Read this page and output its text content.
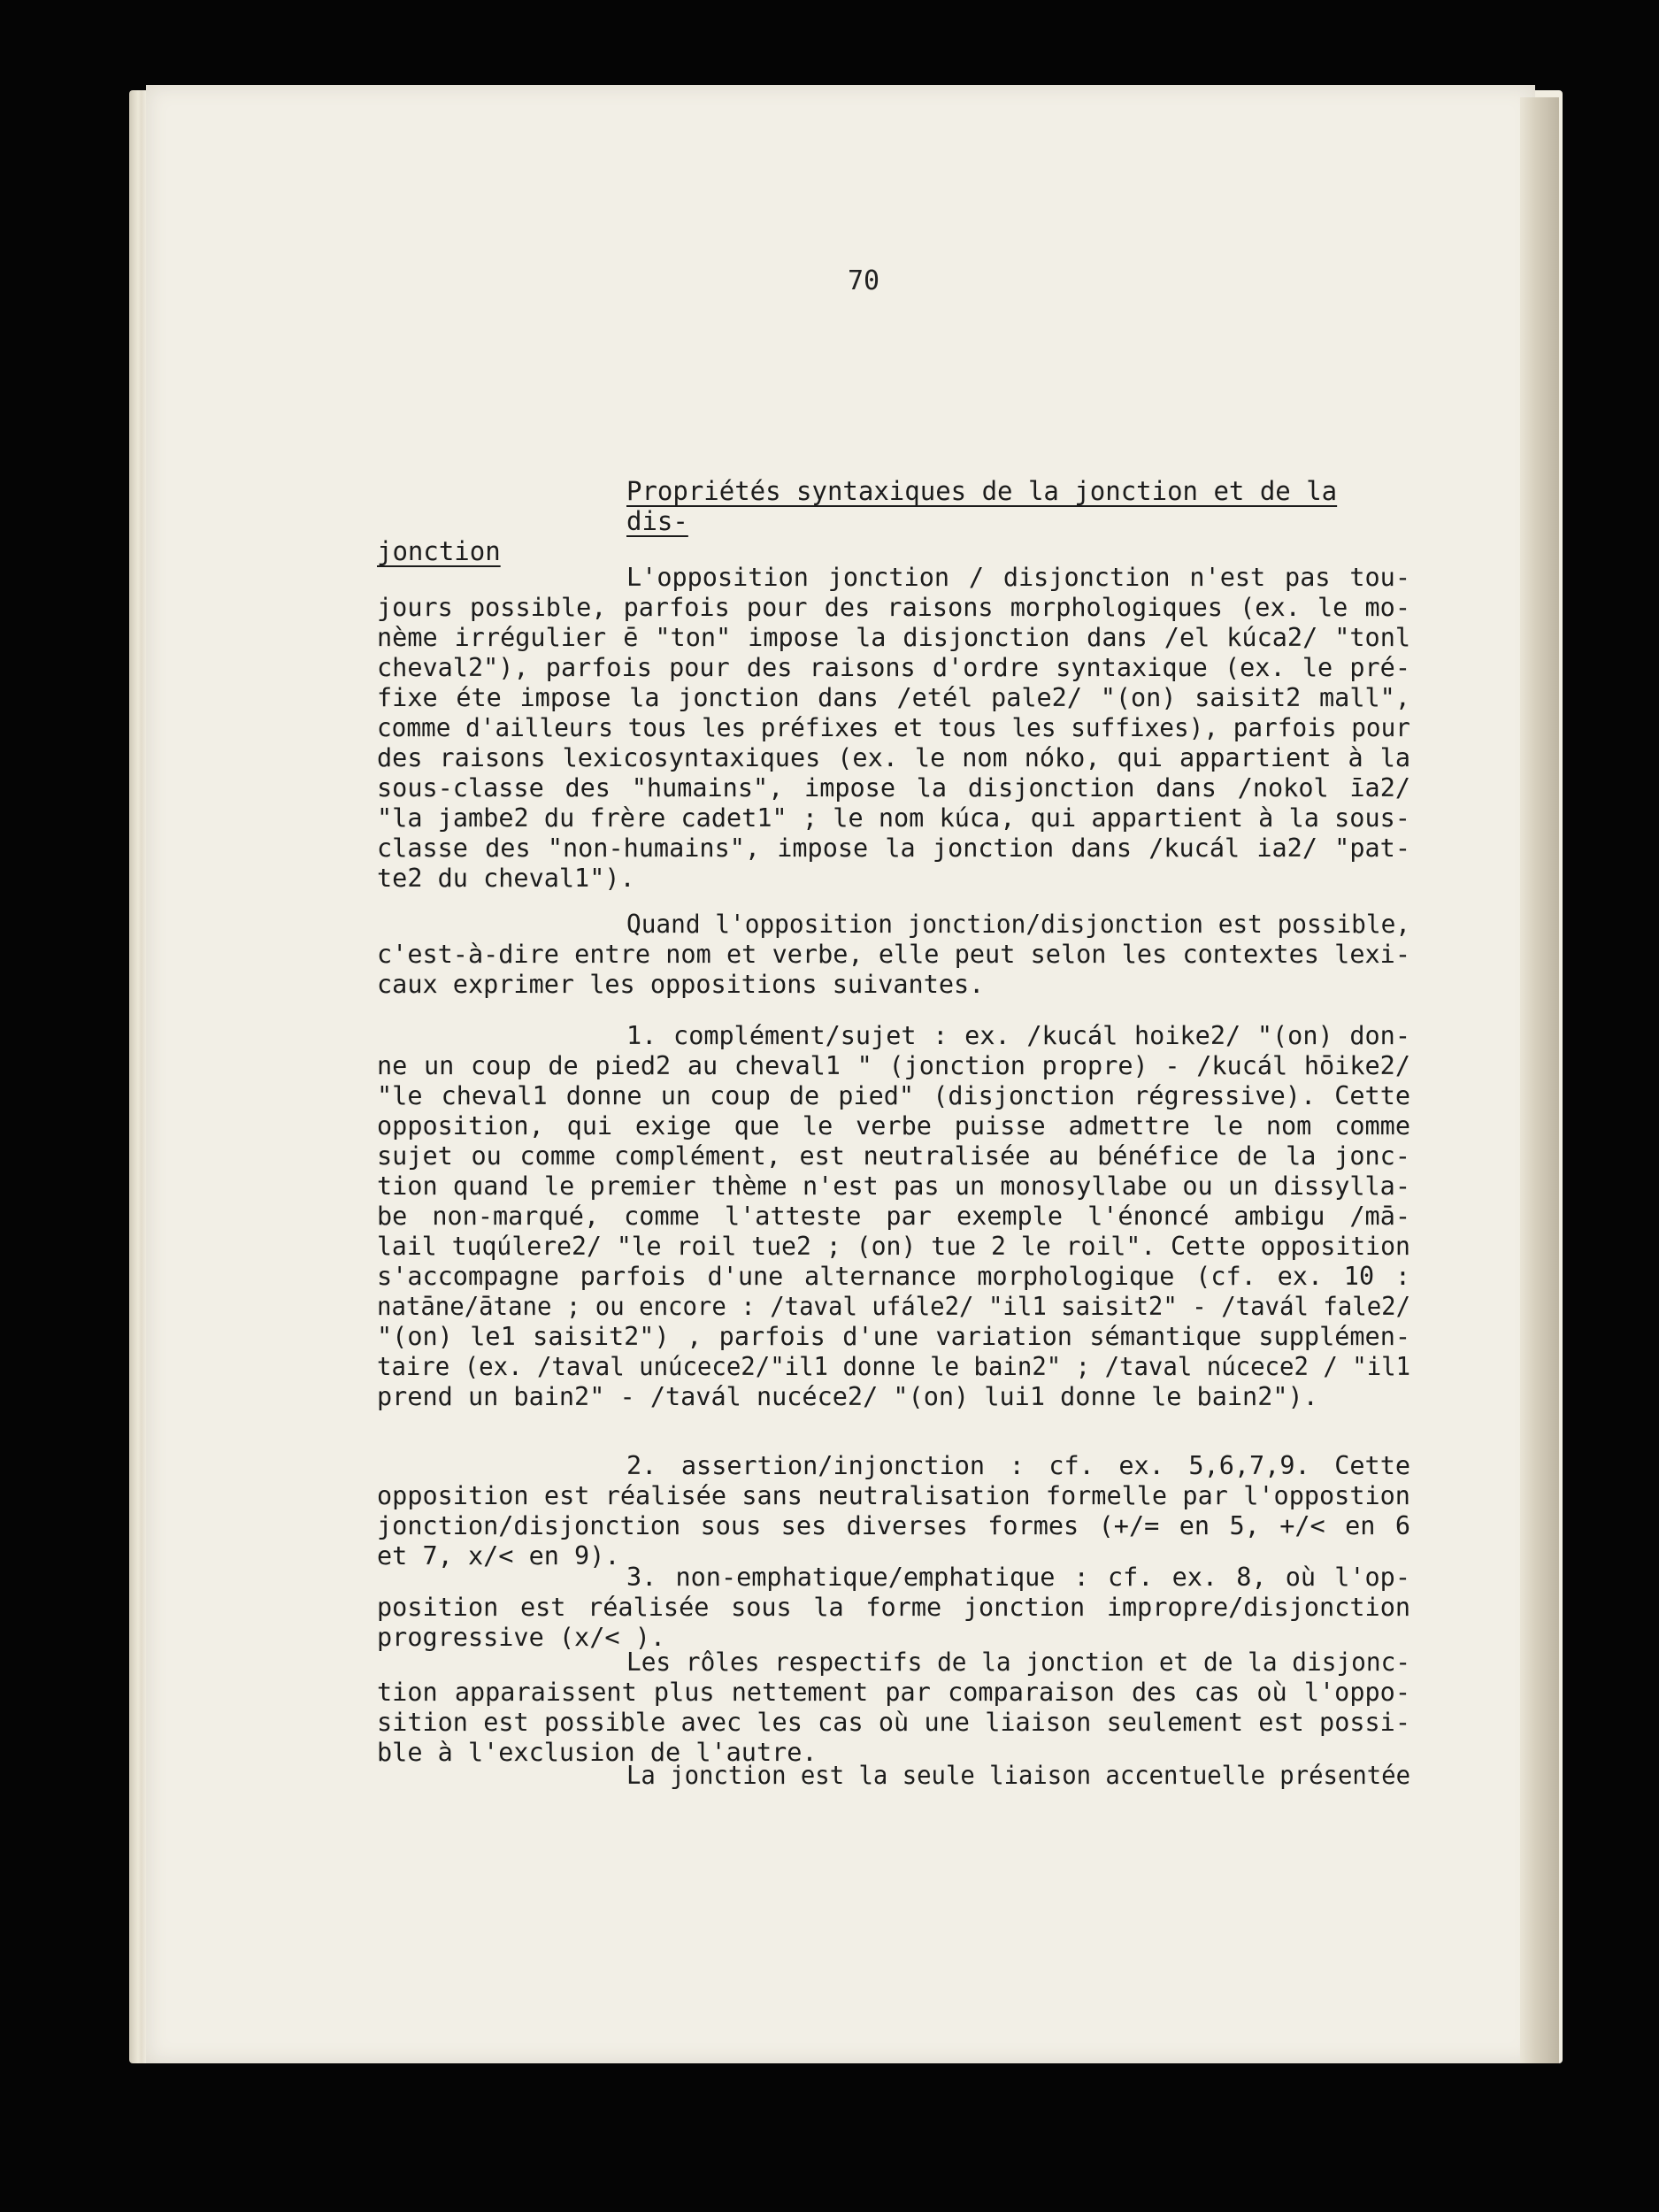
70
Propriétés syntaxiques de la jonction et de la dis-
jonction
L'opposition jonction / disjonction n'est pas tou-
jours possible, parfois pour des raisons morphologiques (ex. le mo-
nème irrégulier ē "ton" impose la disjonction dans /el kúca2/ "tonl
cheval2"), parfois pour des raisons d'ordre syntaxique (ex. le pré-
fixe éte impose la jonction dans /etél pale2/ "(on) saisit2 mall",
comme d'ailleurs tous les préfixes et tous les suffixes), parfois pour
des raisons lexicosyntaxiques (ex. le nom nóko, qui appartient à la
sous-classe des "humains", impose la disjonction dans /nokol īa2/
"la jambe2 du frère cadet1" ; le nom kúca, qui appartient à la sous-
classe des "non-humains", impose la jonction dans /kucál ia2/ "pat-
te2 du cheval1").
Quand l'opposition jonction/disjonction est possible,
c'est-à-dire entre nom et verbe, elle peut selon les contextes lexi-
caux exprimer les oppositions suivantes.
1. complément/sujet : ex. /kucál hoike2/ "(on) don-
ne un coup de pied2 au cheval1 " (jonction propre) - /kucál hōike2/
"le cheval1 donne un coup de pied" (disjonction régressive). Cette
opposition, qui exige que le verbe puisse admettre le nom comme
sujet ou comme complément, est neutralisée au bénéfice de la jonc-
tion quand le premier thème n'est pas un monosyllabe ou un dissylla-
be non-marqué, comme l'atteste par exemple l'énoncé ambigu /mā-
lail tuqúlere2/ "le roil tue2 ; (on) tue 2 le roil". Cette opposition
s'accompagne parfois d'une alternance morphologique (cf. ex. 10 :
natāne/ātane ; ou encore : /taval ufále2/ "il1 saisit2" - /tavál fale2/
"(on) le1 saisit2") , parfois d'une variation sémantique supplémen-
taire (ex. /taval unúcece2/"il1 donne le bain2" ; /taval núcece2 / "il1
prend un bain2" - /tavál nucéce2/ "(on) lui1 donne le bain2").
2. assertion/injonction : cf. ex. 5,6,7,9. Cette
opposition est réalisée sans neutralisation formelle par l'oppostion
jonction/disjonction sous ses diverses formes (+/= en 5, +/< en 6
et 7, x/< en 9).
3. non-emphatique/emphatique : cf. ex. 8, où l'op-
position est réalisée sous la forme jonction impropre/disjonction
progressive (x/< ).
Les rôles respectifs de la jonction et de la disjonc-
tion apparaissent plus nettement par comparaison des cas où l'oppo-
sition est possible avec les cas où une liaison seulement est possi-
ble à l'exclusion de l'autre.
La jonction est la seule liaison accentuelle présentée
